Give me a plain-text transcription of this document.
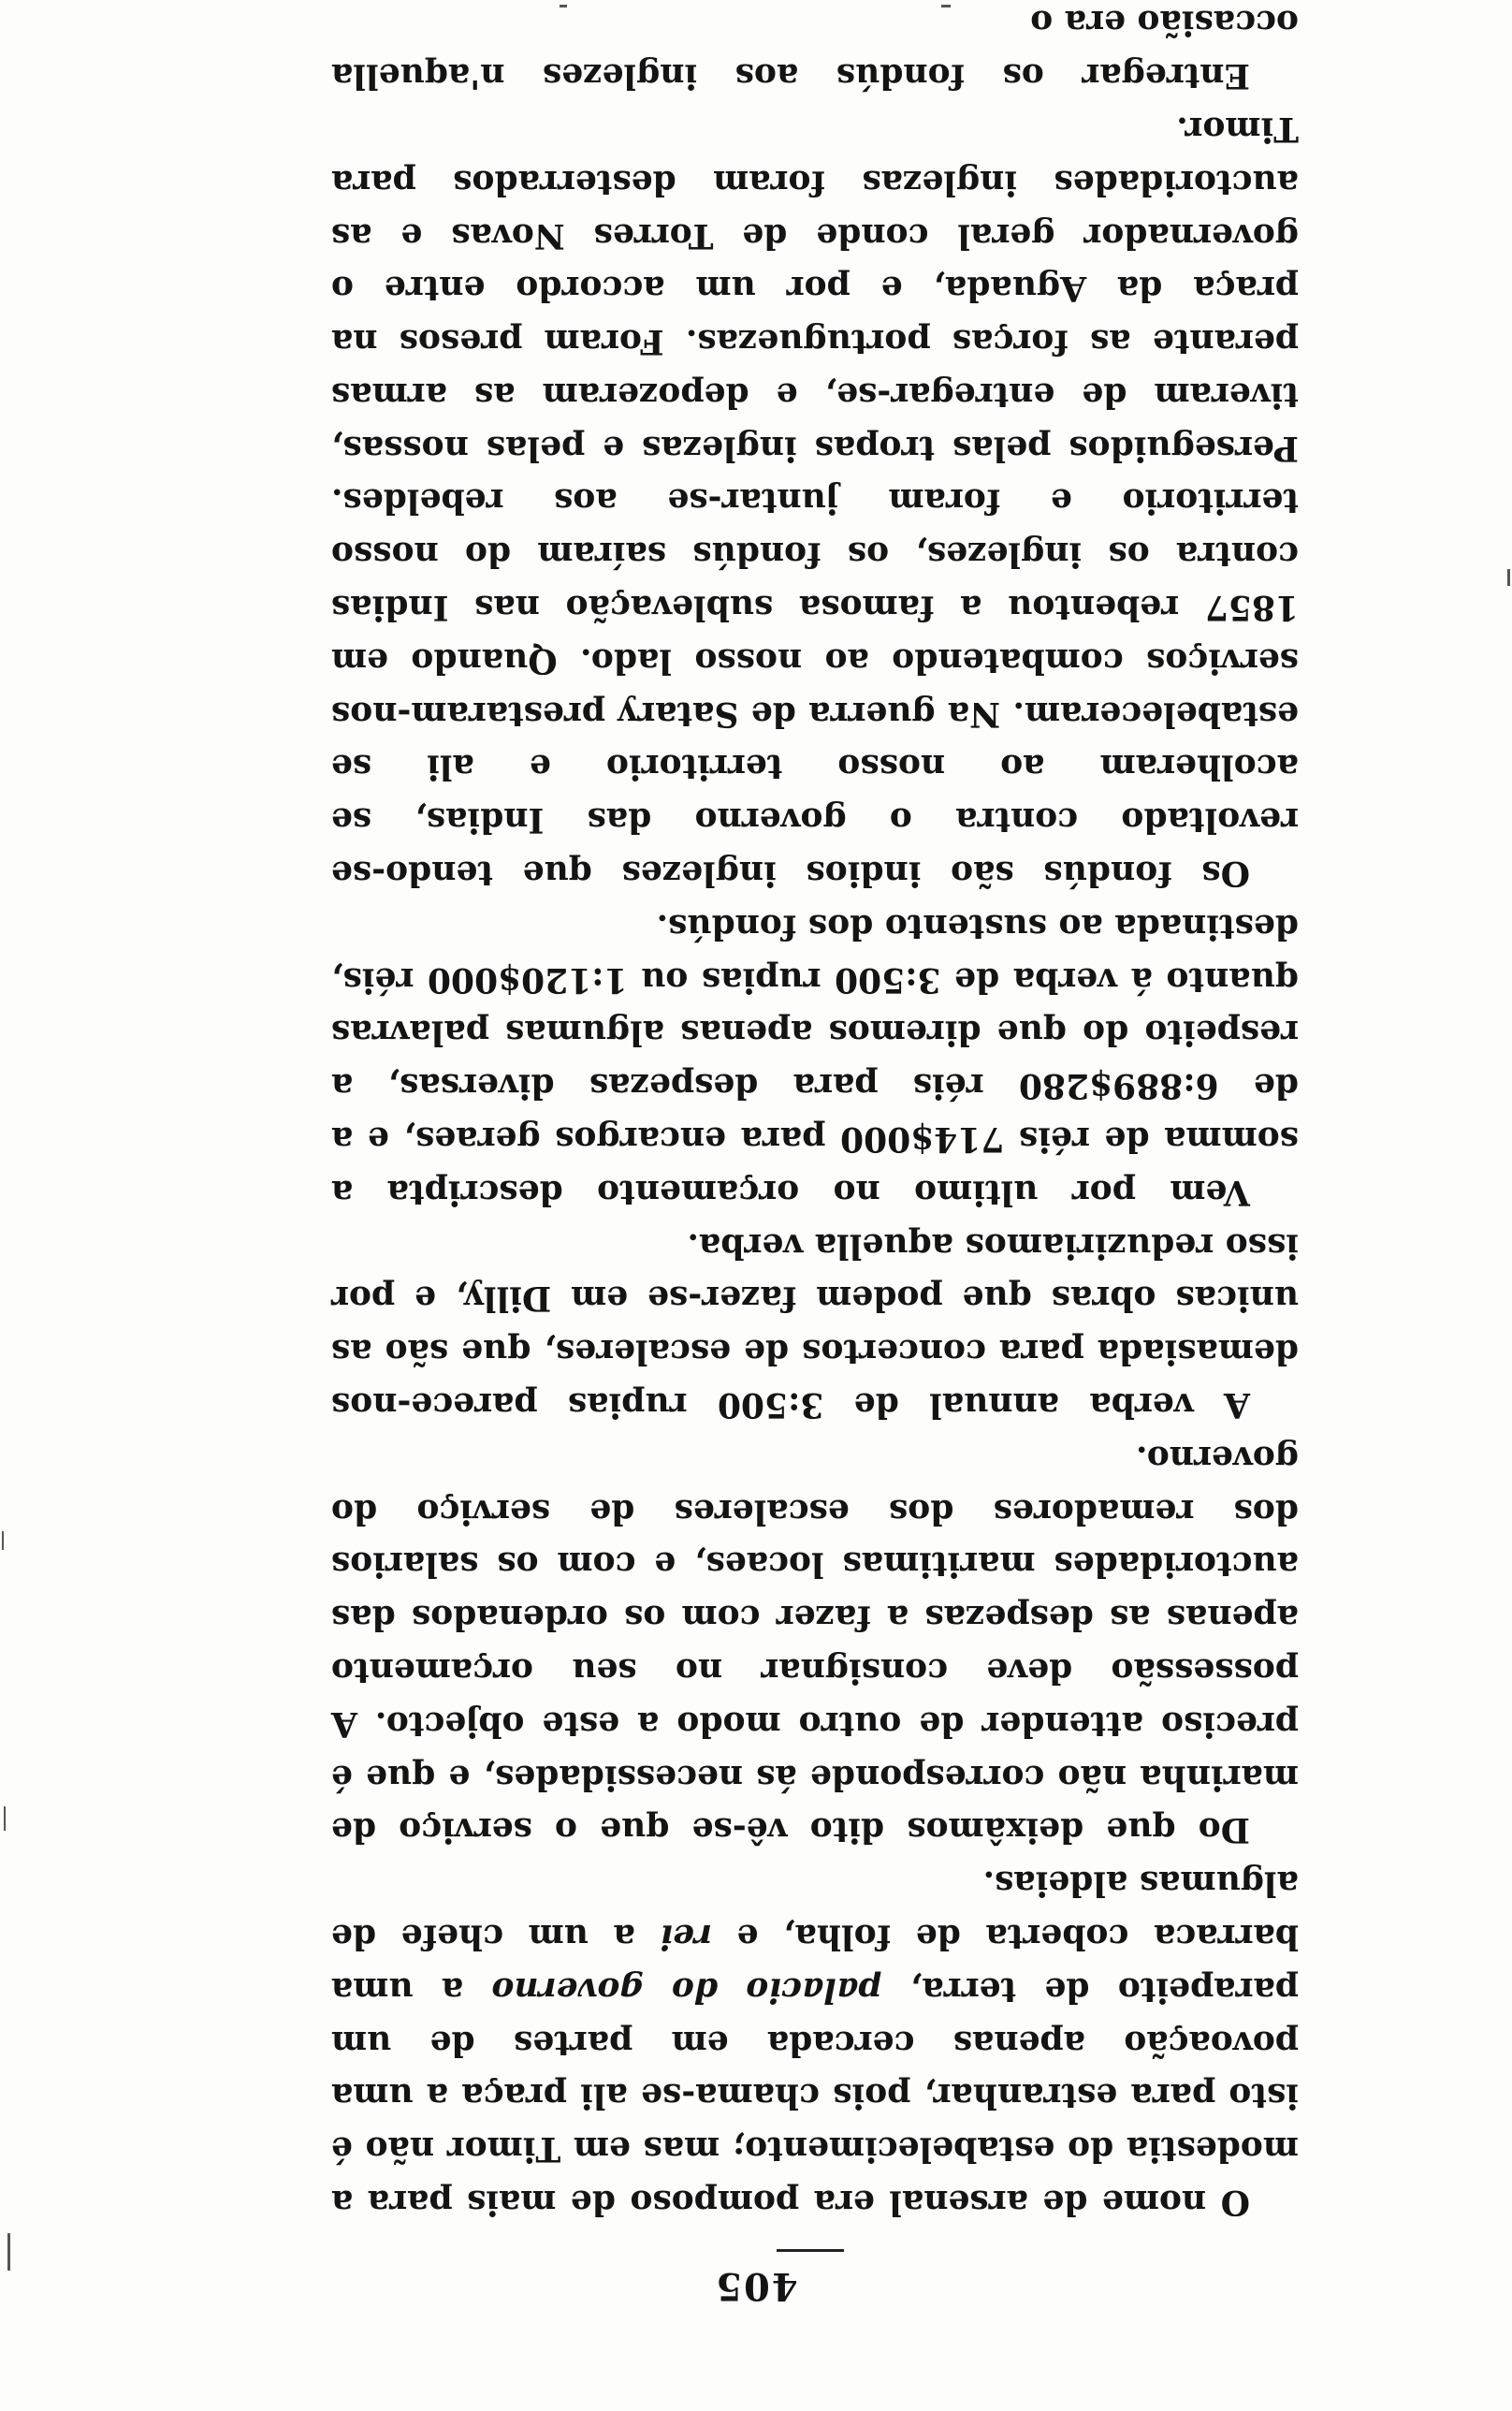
405

O nome de arsenal era pomposo de mais para a modestia do estabelecimento; mas em Timor não é isto para estranhar, pois chama-se ali praça a uma povoação apenas cercada em partes de um parapeito de terra, palacio do governo a uma barraca coberta de folha, e rei a um chefe de algumas aldeias.

Do que deixâmos dito vê-se que o serviço de marinha não corresponde ás necessidades, e que é preciso attender de outro modo a este objecto. A possessão deve consignar no seu orçamento apenas as despezas a fazer com os ordenados das auctoridades maritimas locaes, e com os salarios dos remadores dos escaleres de serviço do governo.

A verba annual de 3:500 rupias parece-nos demasiada para concertos de escaleres, que são as unicas obras que podem fazer-se em Dilly, e por isso reduziriamos aquella verba.

Vem por ultimo no orçamento descripta a somma de réis 714$000 para encargos geraes, e a de 6:889$280 réis para despezas diversas, a respeito do que diremos apenas algumas palavras quanto á verba de 3:500 rupias ou 1:120$000 réis, destinada ao sustento dos fondús.

Os fondús são indios inglezes que tendo-se revoltado contra o governo das Indias, se acolheram ao nosso territorio e ali se estabeleceram. Na guerra de Satary prestaram-nos serviços combatendo ao nosso lado. Quando em 1857 rebentou a famosa sublevação nas Indias contra os inglezes, os fondús saíram do nosso territorio e foram juntar-se aos rebeldes. Perseguidos pelas tropas inglezas e pelas nossas, tiveram de entregar-se, e depozeram as armas perante as forças portuguezas. Foram presos na praça da Aguada, e por um accordo entre o governador geral conde de Torres Novas e as auctoridades inglezas foram desterrados para Timor.

Entregar os fondús aos inglezes n'aquella occasião era o
